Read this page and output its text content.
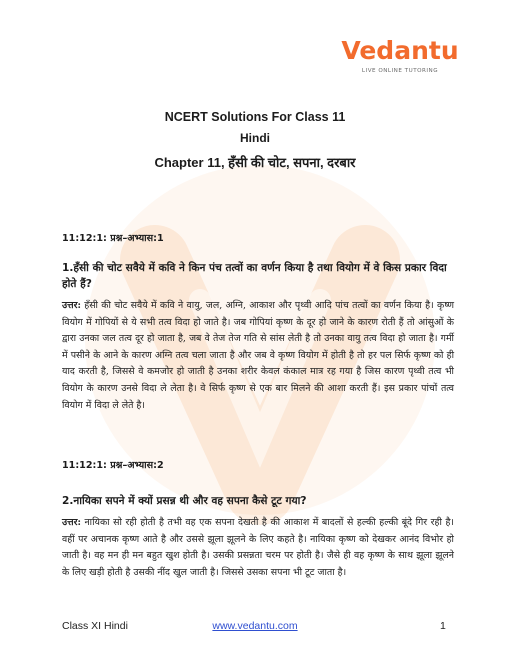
Vedantu
LIVE ONLINE TUTORING
NCERT Solutions For Class 11
Hindi
Chapter 11, हँसी की चोट, सपना, दरबार
11:12:1: प्रश्न–अभ्यास:1
1.हँसी की चोट सवैये में कवि ने किन पंच तत्वों का वर्णन किया है तथा वियोग में वे किस प्रकार विदा होते हैं?
उत्तर: हँसी की चोट सवैये में कवि ने वायु, जल, अग्नि, आकाश और पृथ्वी आदि पांच तत्वों का वर्णन किया है। कृष्ण वियोग में गोपियों से ये सभी तत्व विदा हो जाते है। जब गोपियां कृष्ण के दूर हो जाने के कारण रोती हैं तो आंसुओं के द्वारा उनका जल तत्व दूर हो जाता है, जब वे तेज तेज गति से सांस लेती है तो उनका वायु तत्व विदा हो जाता है। गर्मी में पसीने के आने के कारण अग्नि तत्व चला जाता है और जब वे कृष्ण वियोग में होती है तो हर पल सिर्फ कृष्ण को ही याद करती है, जिससे वे कमजोर हो जाती है उनका शरीर केवल कंकाल मात्र रह गया है जिस कारण पृथ्वी तत्व भी वियोग के कारण उनसे विदा ले लेता है। वे सिर्फ कृष्ण से एक बार मिलने की आशा करती हैं। इस प्रकार पांचों तत्व वियोग में विदा ले लेते है।
11:12:1: प्रश्न–अभ्यास:2
2.नायिका सपने में क्यों प्रसन्न थी और वह सपना कैसे टूट गया?
उत्तर: नायिका सो रही होती है तभी वह एक सपना देखती है की आकाश में बादलों से हल्की हल्की बूंदे गिर रही है। वहीं पर अचानक कृष्ण आते है और उससे झूला झूलने के लिए कहते है। नायिका कृष्ण को देखकर आनंद विभोर हो जाती है। वह मन ही मन बहुत खुश होती है। उसकी प्रसन्नता चरम पर होती है। जैसे ही वह कृष्ण के साथ झूला झूलने के लिए खड़ी होती है उसकी नींद खुल जाती है। जिससे उसका सपना भी टूट जाता है।
Class XI Hindi	www.vedantu.com	1
